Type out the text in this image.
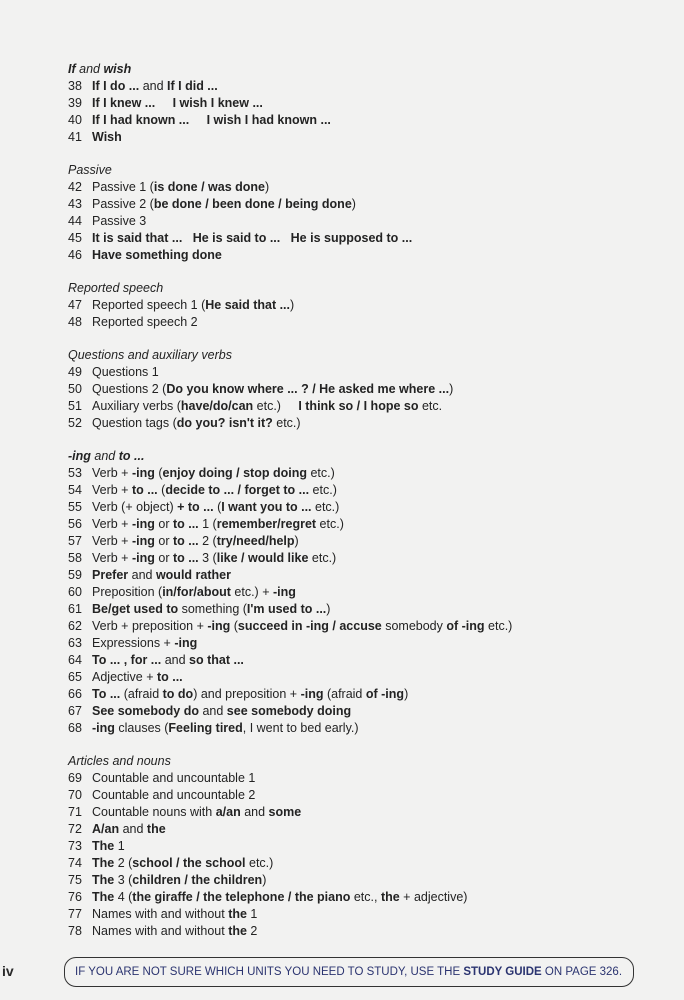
If and wish
38 If I do ... and If I did ...
39 If I knew ...     I wish I knew ...
40 If I had known ...     I wish I had known ...
41 Wish
Passive
42 Passive 1 (is done / was done)
43 Passive 2 (be done / been done / being done)
44 Passive 3
45 It is said that ...   He is said to ...   He is supposed to ...
46 Have something done
Reported speech
47 Reported speech 1 (He said that ...)
48 Reported speech 2
Questions and auxiliary verbs
49 Questions 1
50 Questions 2 (Do you know where ... ? / He asked me where ...)
51 Auxiliary verbs (have/do/can etc.)     I think so / I hope so etc.
52 Question tags (do you? isn't it? etc.)
-ing and to ...
53 Verb + -ing (enjoy doing / stop doing etc.)
54 Verb + to ... (decide to ... / forget to ... etc.)
55 Verb (+ object) + to ... (I want you to ... etc.)
56 Verb + -ing or to ... 1 (remember/regret etc.)
57 Verb + -ing or to ... 2 (try/need/help)
58 Verb + -ing or to ... 3 (like / would like etc.)
59 Prefer and would rather
60 Preposition (in/for/about etc.) + -ing
61 Be/get used to something (I'm used to ...)
62 Verb + preposition + -ing (succeed in -ing / accuse somebody of -ing etc.)
63 Expressions + -ing
64 To ... , for ... and so that ...
65 Adjective + to ...
66 To ... (afraid to do) and preposition + -ing (afraid of -ing)
67 See somebody do and see somebody doing
68 -ing clauses (Feeling tired, I went to bed early.)
Articles and nouns
69 Countable and uncountable 1
70 Countable and uncountable 2
71 Countable nouns with a/an and some
72 A/an and the
73 The 1
74 The 2 (school / the school etc.)
75 The 3 (children / the children)
76 The 4 (the giraffe / the telephone / the piano etc., the + adjective)
77 Names with and without the 1
78 Names with and without the 2
iv	IF YOU ARE NOT SURE WHICH UNITS YOU NEED TO STUDY, USE THE STUDY GUIDE ON PAGE 326.
